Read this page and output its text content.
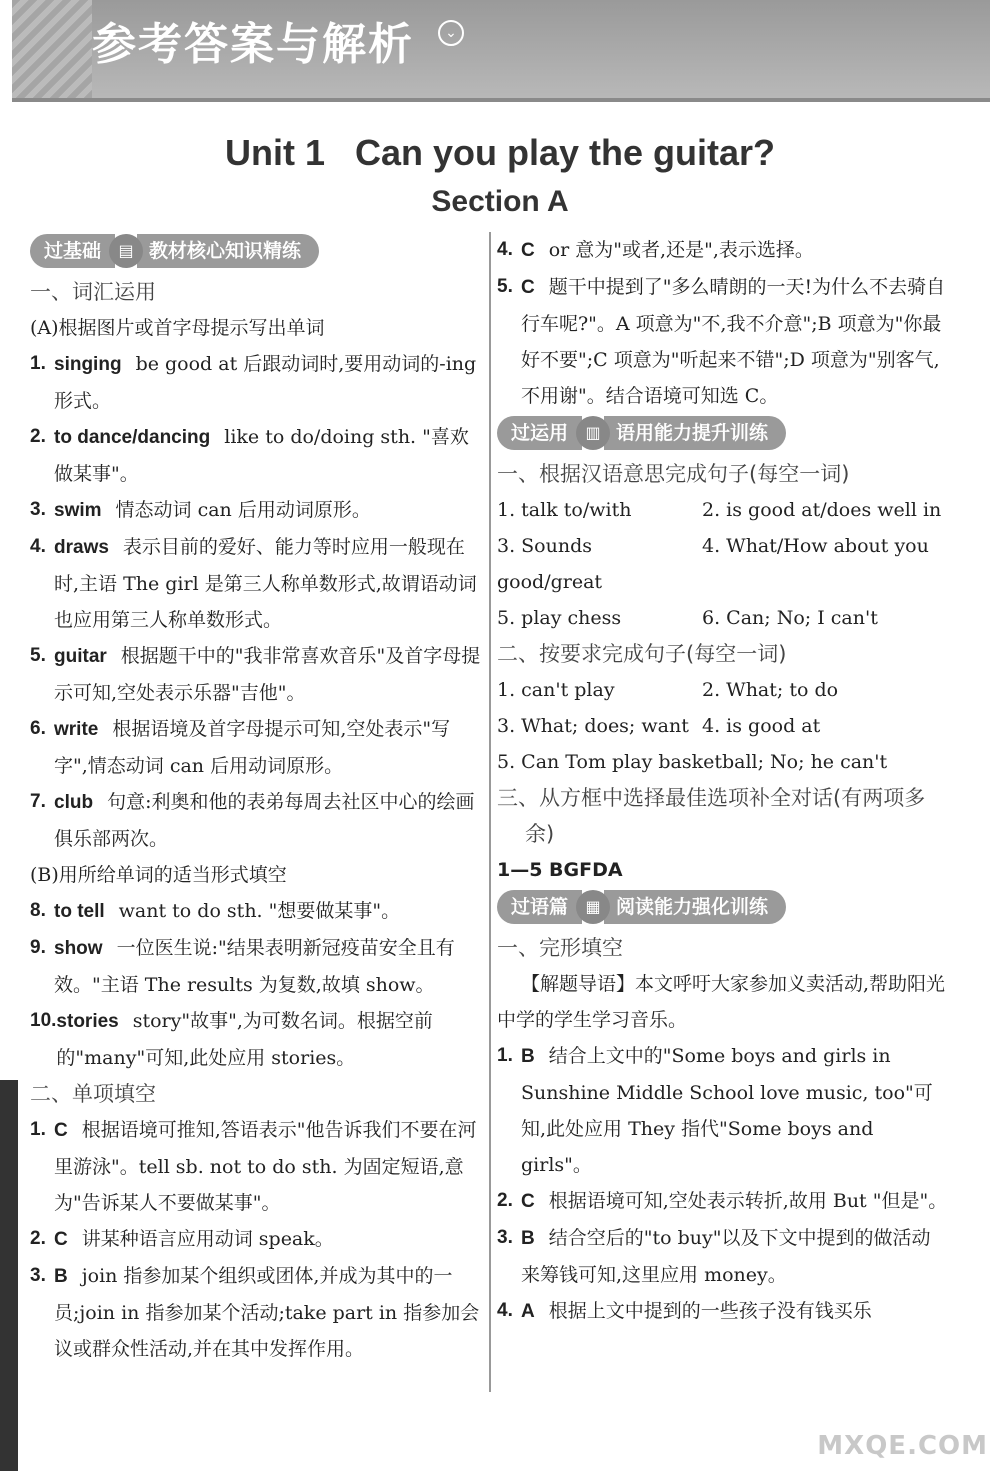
参考答案与解析	⌄
Unit 1   Can you play the guitar?
Section A
过基础	▤ 教材核心知识精练
一、词汇运用
(A)根据图片或首字母提示写出单词
1. singing be good at 后跟动词时,要用动词的-ing 形式。
2. to dance/dancing like to do/doing sth. "喜欢做某事"。
3. swim 情态动词 can 后用动词原形。
4. draws 表示目前的爱好、能力等时应用一般现在时,主语 The girl 是第三人称单数形式,故谓语动词也应用第三人称单数形式。
5. guitar 根据题干中的"我非常喜欢音乐"及首字母提示可知,空处表示乐器"吉他"。
6. write 根据语境及首字母提示可知,空处表示"写字",情态动词 can 后用动词原形。
7. club 句意:利奥和他的表弟每周去社区中心的绘画俱乐部两次。
(B)用所给单词的适当形式填空
8. to tell want to do sth. "想要做某事"。
9. show 一位医生说:"结果表明新冠疫苗安全且有效。"主语 The results 为复数,故填 show。
10. stories story"故事",为可数名词。根据空前的"many"可知,此处应用 stories。
二、单项填空
1. C 根据语境可推知,答语表示"他告诉我们不要在河里游泳"。tell sb. not to do sth. 为固定短语,意为"告诉某人不要做某事"。
2. C 讲某种语言应用动词 speak。
3. B join 指参加某个组织或团体,并成为其中的一员;join in 指参加某个活动;take part in 指参加会议或群众性活动,并在其中发挥作用。
4. C or 意为"或者,还是",表示选择。
5. C 题干中提到了"多么晴朗的一天!为什么不去骑自行车呢?"。A 项意为"不,我不介意";B 项意为"你最好不要";C 项意为"听起来不错";D 项意为"别客气,不用谢"。结合语境可知选 C。
过运用	▥ 语用能力提升训练
一、根据汉语意思完成句子(每空一词)
1. talk to/with	2. is good at/does well in
3. Sounds good/great
4. What/How about you
5. play chess	6. Can; No; I can't
二、按要求完成句子(每空一词)
1. can't play	2. What; to do
3. What; does; want 4. is good at
5. Can Tom play basketball; No; he can't
三、从方框中选择最佳选项补全对话(有两项多余)
1—5 BGFDA
过语篇	▦ 阅读能力强化训练
一、完形填空
【解题导语】本文呼吁大家参加义卖活动,帮助阳光中学的学生学习音乐。
1. B 结合上文中的"Some boys and girls in Sunshine Middle School love music, too"可知,此处应用 They 指代"Some boys and girls"。
2. C 根据语境可知,空处表示转折,故用 But "但是"。
3. B 结合空后的"to buy"以及下文中提到的做活动来筹钱可知,这里应用 money。
4. A 根据上文中提到的一些孩子没有钱买乐
MXQE.COM
